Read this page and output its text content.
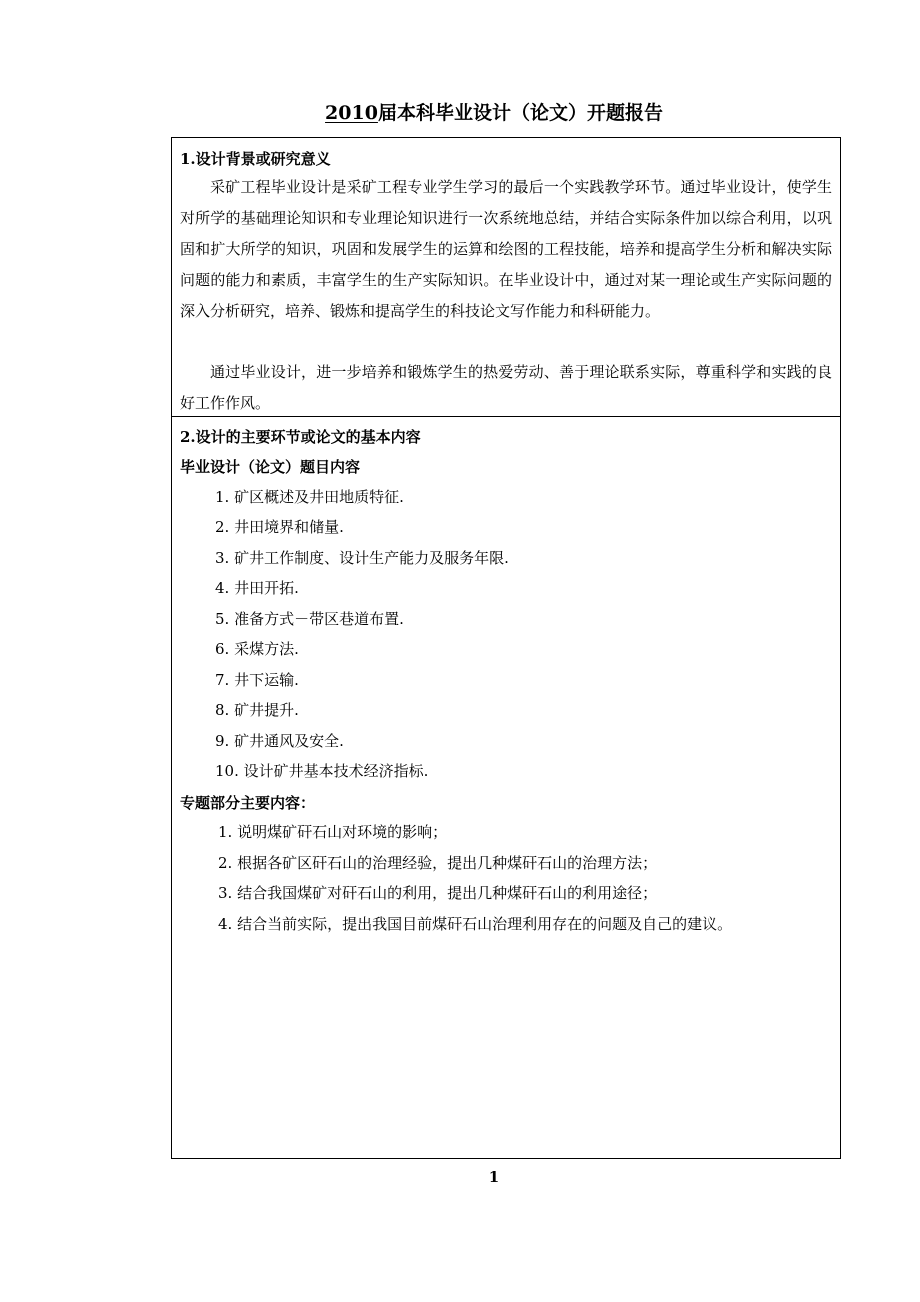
2010届本科毕业设计（论文）开题报告
1.设计背景或研究意义

采矿工程毕业设计是采矿工程专业学生学习的最后一个实践教学环节。通过毕业设计，使学生对所学的基础理论知识和专业理论知识进行一次系统地总结，并结合实际条件加以综合利用，以巩固和扩大所学的知识，巩固和发展学生的运算和绘图的工程技能，培养和提高学生分析和解决实际问题的能力和素质，丰富学生的生产实际知识。在毕业设计中，通过对某一理论或生产实际问题的深入分析研究，培养、锻炼和提高学生的科技论文写作能力和科研能力。

通过毕业设计，进一步培养和锻炼学生的热爱劳动、善于理论联系实际，尊重科学和实践的良好工作作风。

2.设计的主要环节或论文的基本内容
毕业设计（论文）题目内容
1. 矿区概述及井田地质特征.
2. 井田境界和储量.
3. 矿井工作制度、设计生产能力及服务年限.
4. 井田开拓.
5. 准备方式－带区巷道布置.
6. 采煤方法.
7. 井下运输.
8. 矿井提升.
9. 矿井通风及安全.
10. 设计矿井基本技术经济指标.
专题部分主要内容：
1. 说明煤矿矸石山对环境的影响；
2. 根据各矿区矸石山的治理经验，提出几种煤矸石山的治理方法；
3. 结合我国煤矿对矸石山的利用，提出几种煤矸石山的利用途径；
4. 结合当前实际，提出我国目前煤矸石山治理利用存在的问题及自己的建议。
1
